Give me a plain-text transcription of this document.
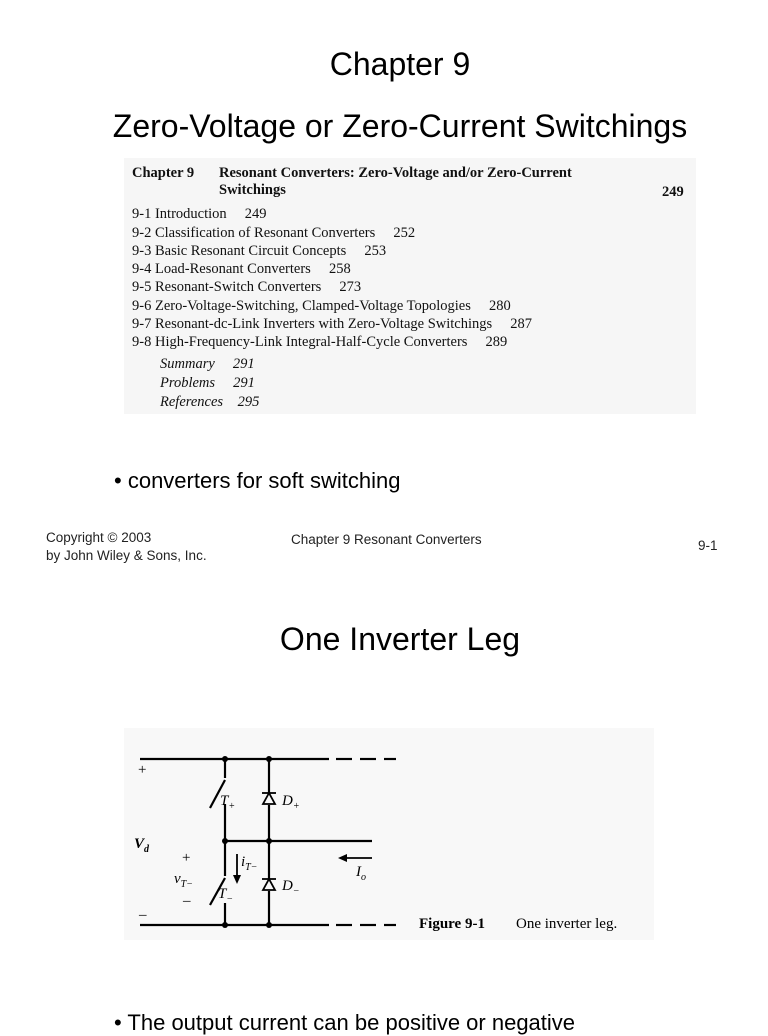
Chapter 9
Zero-Voltage or Zero-Current Switchings
Chapter 9 Resonant Converters: Zero-Voltage and/or Zero-Current
Switchings	249
9-1 Introduction 249
9-2 Classification of Resonant Converters 252
9-3 Basic Resonant Circuit Concepts 253
9-4 Load-Resonant Converters 258
9-5 Resonant-Switch Converters 273
9-6 Zero-Voltage-Switching, Clamped-Voltage Topologies 280
9-7 Resonant-dc-Link Inverters with Zero-Voltage Switchings 287
9-8 High-Frequency-Link Integral-Half-Cycle Converters 289
Summary 291
Problems 291
References 295
• converters for soft switching
Copyright © 2003
by John Wiley & Sons, Inc.
Chapter 9 Resonant Converters	9-1
One Inverter Leg
+
–
+
–
$V_d$
$T_+$
$T_-$
$D_+$
$D_-$
$i_{T-}$
$v_{T-}$
$I_o$
Figure 9-1 One inverter leg.
• The output current can be positive or negative
